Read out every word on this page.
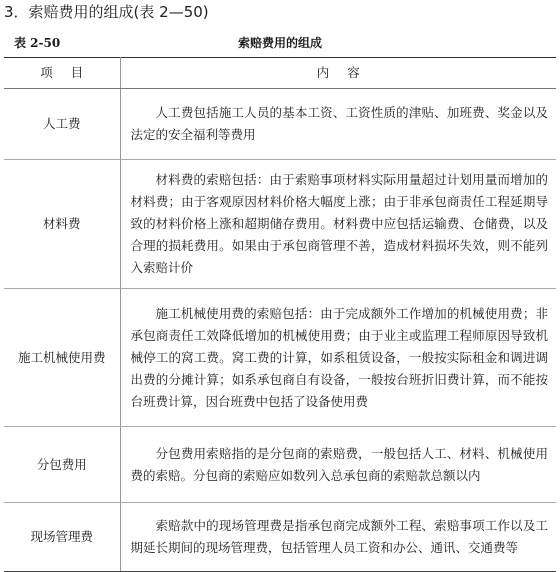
3．索赔费用的组成(表 2—50)
表 2-50	索赔费用的组成
项目	内容
人工费	人工费包括施工人员的基本工资、工资性质的津贴、加班费、奖金以及法定的安全福利等费用
材料费	材料费的索赔包括：由于索赔事项材料实际用量超过计划用量而增加的材料费；由于客观原因材料价格大幅度上涨；由于非承包商责任工程延期导致的材料价格上涨和超期储存费用。材料费中应包括运输费、仓储费，以及合理的损耗费用。如果由于承包商管理不善，造成材料损坏失效，则不能列入索赔计价
施工机械使用费	施工机械使用费的索赔包括：由于完成额外工作增加的机械使用费；非承包商责任工效降低增加的机械使用费；由于业主或监理工程师原因导致机械停工的窝工费。窝工费的计算，如系租赁设备，一般按实际租金和调进调出费的分摊计算；如系承包商自有设备，一般按台班折旧费计算，而不能按台班费计算，因台班费中包括了设备使用费
分包费用	分包费用索赔指的是分包商的索赔费，一般包括人工、材料、机械使用费的索赔。分包商的索赔应如数列入总承包商的索赔款总额以内
现场管理费	索赔款中的现场管理费是指承包商完成额外工程、索赔事项工作以及工期延长期间的现场管理费，包括管理人员工资和办公、通讯、交通费等
